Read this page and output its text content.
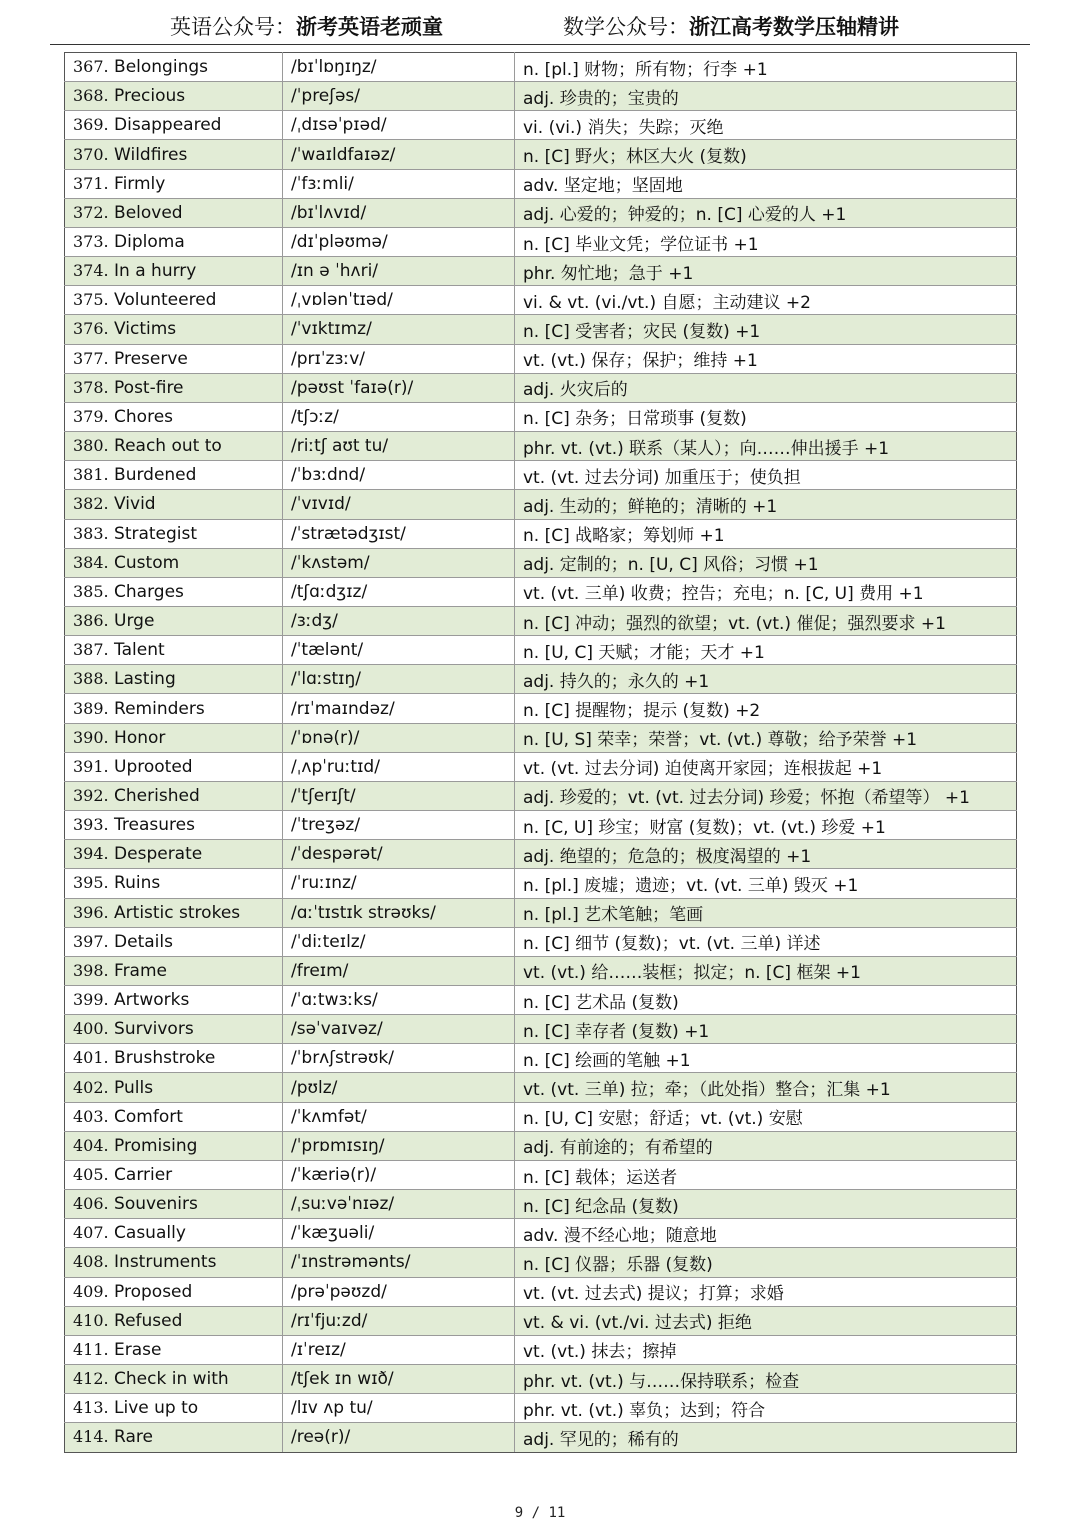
英语公众号：浙考英语老顽童	数学公众号：浙江高考数学压轴精讲
367. Belongings	/bɪˈlɒŋɪŋz/	n. [pl.] 财物；所有物；行李 +1
368. Precious	/ˈpreʃəs/	adj. 珍贵的；宝贵的
369. Disappeared	/ˌdɪsəˈpɪəd/	vi. (vi.) 消失；失踪；灭绝
370. Wildfires	/ˈwaɪldfaɪəz/	n. [C] 野火；林区大火 (复数)
371. Firmly	/ˈfɜːmli/	adv. 坚定地；坚固地
372. Beloved	/bɪˈlʌvɪd/	adj. 心爱的；钟爱的；n. [C] 心爱的人 +1
373. Diploma	/dɪˈpləʊmə/	n. [C] 毕业文凭；学位证书 +1
374. In a hurry	/ɪn ə ˈhʌri/	phr. 匆忙地；急于 +1
375. Volunteered	/ˌvɒlənˈtɪəd/	vi. & vt. (vi./vt.) 自愿；主动建议 +2
376. Victims	/ˈvɪktɪmz/	n. [C] 受害者；灾民 (复数) +1
377. Preserve	/prɪˈzɜːv/	vt. (vt.) 保存；保护；维持 +1
378. Post-fire	/pəʊst ˈfaɪə(r)/	adj. 火灾后的
379. Chores	/tʃɔːz/	n. [C] 杂务；日常琐事 (复数)
380. Reach out to	/riːtʃ aʊt tu/	phr. vt. (vt.) 联系（某人）；向……伸出援手 +1
381. Burdened	/ˈbɜːdnd/	vt. (vt. 过去分词) 加重压于；使负担
382. Vivid	/ˈvɪvɪd/	adj. 生动的；鲜艳的；清晰的 +1
383. Strategist	/ˈstrætədʒɪst/	n. [C] 战略家；筹划师 +1
384. Custom	/ˈkʌstəm/	adj. 定制的；n. [U, C] 风俗；习惯 +1
385. Charges	/tʃɑːdʒɪz/	vt. (vt. 三单) 收费；控告；充电；n. [C, U] 费用 +1
386. Urge	/ɜːdʒ/	n. [C] 冲动；强烈的欲望；vt. (vt.) 催促；强烈要求 +1
387. Talent	/ˈtælənt/	n. [U, C] 天赋；才能；天才 +1
388. Lasting	/ˈlɑːstɪŋ/	adj. 持久的；永久的 +1
389. Reminders	/rɪˈmaɪndəz/	n. [C] 提醒物；提示 (复数) +2
390. Honor	/ˈɒnə(r)/	n. [U, S] 荣幸；荣誉；vt. (vt.) 尊敬；给予荣誉 +1
391. Uprooted	/ˌʌpˈruːtɪd/	vt. (vt. 过去分词) 迫使离开家园；连根拔起 +1
392. Cherished	/ˈtʃerɪʃt/	adj. 珍爱的；vt. (vt. 过去分词) 珍爱；怀抱（希望等） +1
393. Treasures	/ˈtreʒəz/	n. [C, U] 珍宝；财富 (复数)；vt. (vt.) 珍爱 +1
394. Desperate	/ˈdespərət/	adj. 绝望的；危急的；极度渴望的 +1
395. Ruins	/ˈruːɪnz/	n. [pl.] 废墟；遗迹；vt. (vt. 三单) 毁灭 +1
396. Artistic strokes	/ɑːˈtɪstɪk strəʊks/	n. [pl.] 艺术笔触；笔画
397. Details	/ˈdiːteɪlz/	n. [C] 细节 (复数)；vt. (vt. 三单) 详述
398. Frame	/freɪm/	vt. (vt.) 给……装框；拟定；n. [C] 框架 +1
399. Artworks	/ˈɑːtwɜːks/	n. [C] 艺术品 (复数)
400. Survivors	/səˈvaɪvəz/	n. [C] 幸存者 (复数) +1
401. Brushstroke	/ˈbrʌʃstrəʊk/	n. [C] 绘画的笔触 +1
402. Pulls	/pʊlz/	vt. (vt. 三单) 拉；牵；（此处指）整合；汇集 +1
403. Comfort	/ˈkʌmfət/	n. [U, C] 安慰；舒适；vt. (vt.) 安慰
404. Promising	/ˈprɒmɪsɪŋ/	adj. 有前途的；有希望的
405. Carrier	/ˈkæriə(r)/	n. [C] 载体；运送者
406. Souvenirs	/ˌsuːvəˈnɪəz/	n. [C] 纪念品 (复数)
407. Casually	/ˈkæʒuəli/	adv. 漫不经心地；随意地
408. Instruments	/ˈɪnstrəmənts/	n. [C] 仪器；乐器 (复数)
409. Proposed	/prəˈpəʊzd/	vt. (vt. 过去式) 提议；打算；求婚
410. Refused	/rɪˈfjuːzd/	vt. & vi. (vt./vi. 过去式) 拒绝
411. Erase	/ɪˈreɪz/	vt. (vt.) 抹去；擦掉
412. Check in with	/tʃek ɪn wɪð/	phr. vt. (vt.) 与……保持联系；检查
413. Live up to	/lɪv ʌp tu/	phr. vt. (vt.) 辜负；达到；符合
414. Rare	/reə(r)/	adj. 罕见的；稀有的
9 / 11
